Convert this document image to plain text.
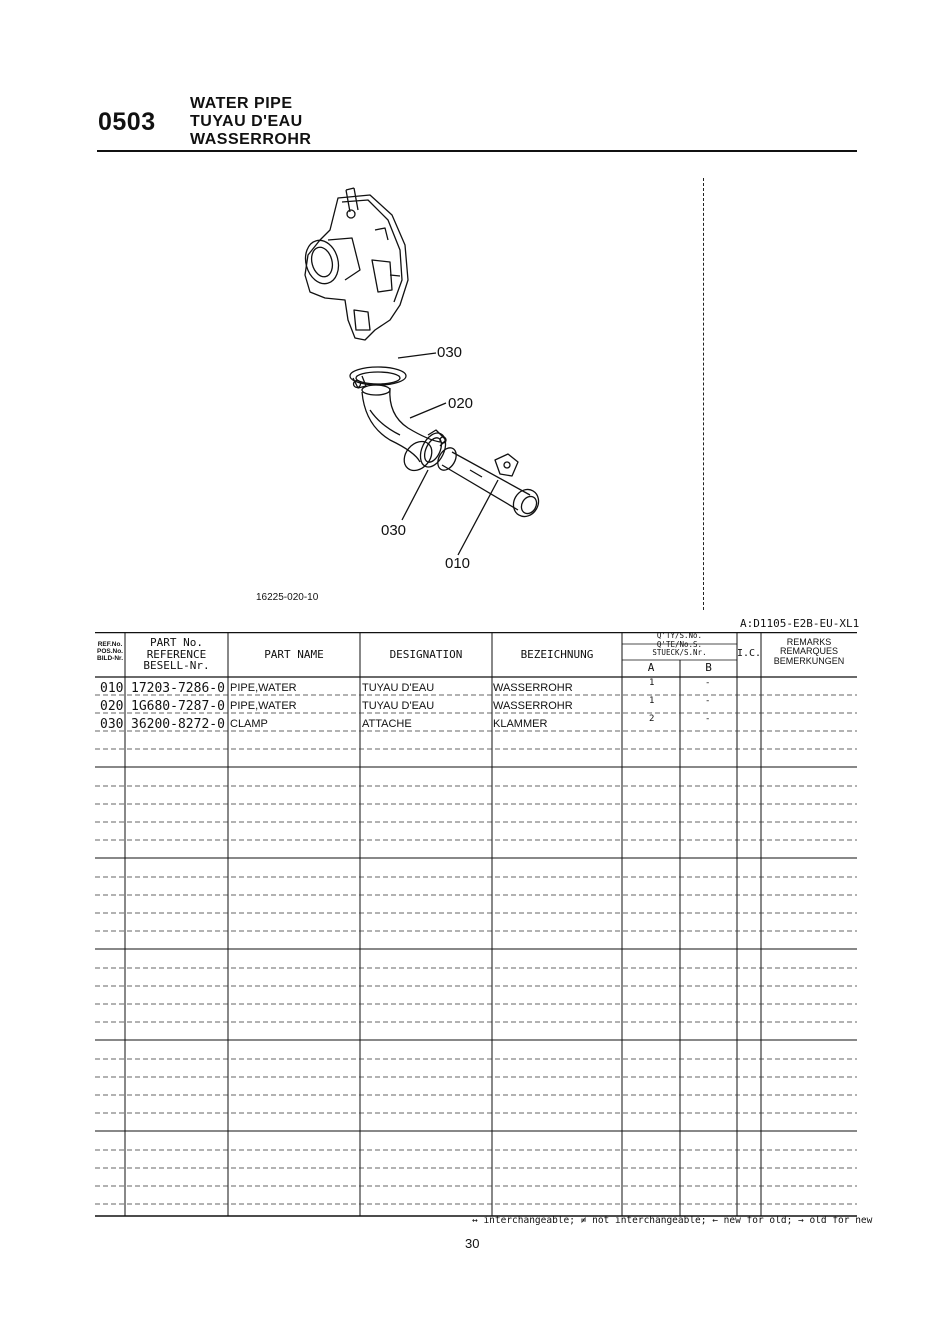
0503
WATER PIPE
TUYAU D'EAU
WASSERROHR
030
020
030
010
16225-020-10
A:D1105-E2B-EU-XL1
REF.No.
POS.No.
BILD-Nr.
PART No.
REFERENCE
BESELL-Nr.
PART NAME	DESIGNATION	BEZEICHNUNG
Q'TY/S.No.
Q'TE/No.S.
STUECK/S.Nr.
A	B
I.C.
REMARKS
REMARQUES
BEMERKUNGEN
010 17203-7286-0 PIPE,WATER	TUYAU D'EAU	WASSERROHR	1	-
020 1G680-7287-0 PIPE,WATER	TUYAU D'EAU	WASSERROHR	1	-
030 36200-8272-0 CLAMP	ATTACHE	KLAMMER	2	-
↔ interchangeable; ≠ not interchangeable; ← new for old; → old for new
30
